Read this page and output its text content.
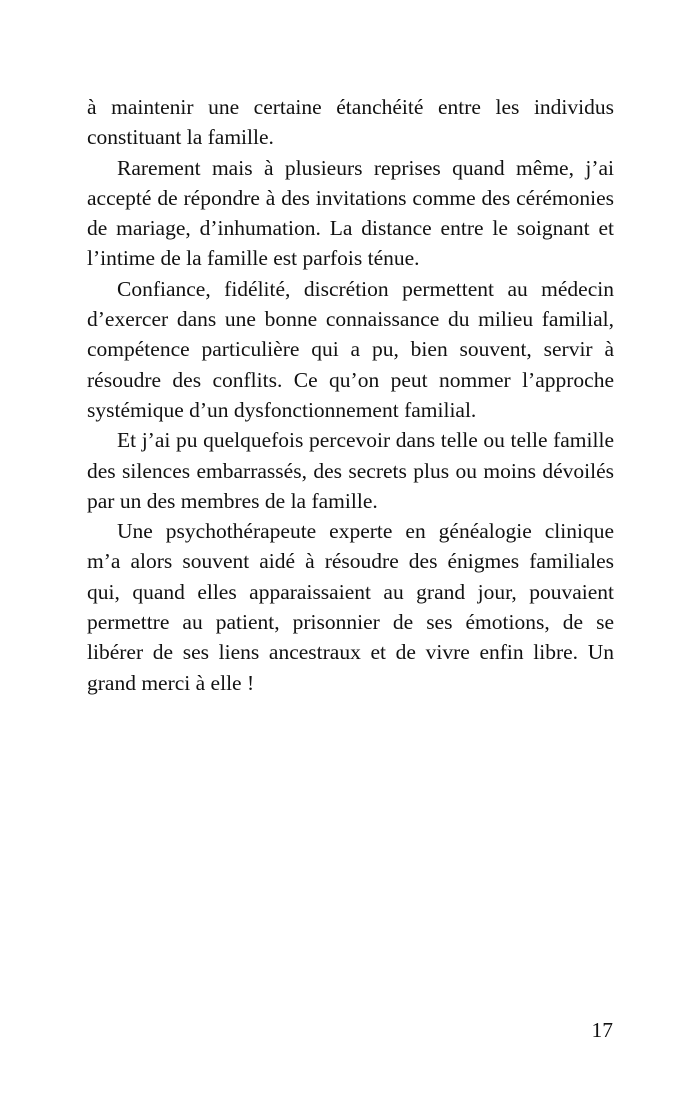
à maintenir une certaine étanchéité entre les individus constituant la famille.

Rarement mais à plusieurs reprises quand même, j’ai accepté de répondre à des invitations comme des cérémonies de mariage, d’inhumation. La distance entre le soignant et l’intime de la famille est parfois ténue.

Confiance, fidélité, discrétion permettent au médecin d’exercer dans une bonne connaissance du milieu familial, compétence particulière qui a pu, bien souvent, servir à résoudre des conflits. Ce qu’on peut nommer l’approche systémique d’un dysfonctionnement familial.

Et j’ai pu quelquefois percevoir dans telle ou telle famille des silences embarrassés, des secrets plus ou moins dévoilés par un des membres de la famille.

Une psychothérapeute experte en généalogie clinique m’a alors souvent aidé à résoudre des énigmes familiales qui, quand elles apparaissaient au grand jour, pouvaient permettre au patient, prisonnier de ses émotions, de se libérer de ses liens ancestraux et de vivre enfin libre. Un grand merci à elle !

17
